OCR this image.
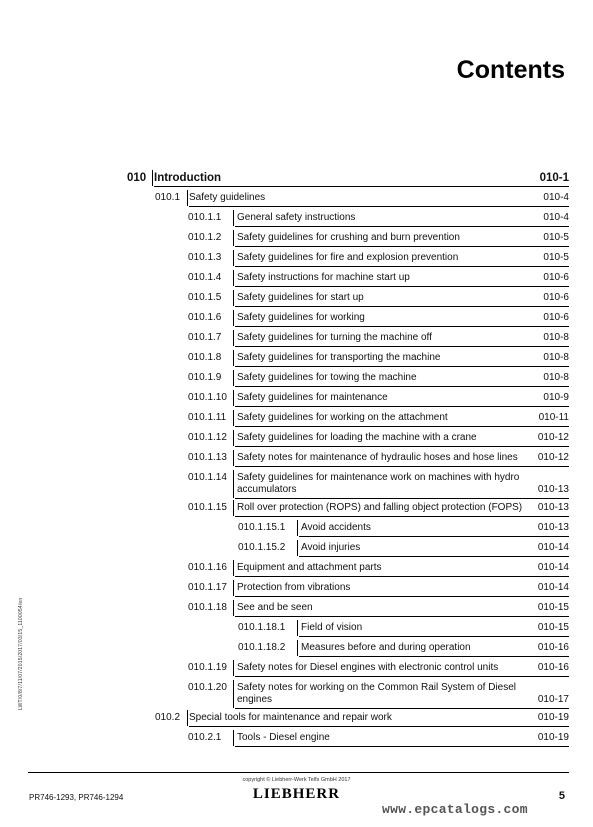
Contents
010 Introduction	010-1
010.1 Safety guidelines	010-4
010.1.1 General safety instructions	010-4
010.1.2 Safety guidelines for crushing and burn prevention	010-5
010.1.3 Safety guidelines for fire and explosion prevention	010-5
010.1.4 Safety instructions for machine start up	010-6
010.1.5 Safety guidelines for start up	010-6
010.1.6 Safety guidelines for working	010-6
010.1.7 Safety guidelines for turning the machine off	010-8
010.1.8 Safety guidelines for transporting the machine	010-8
010.1.9 Safety guidelines for towing the machine	010-8
010.1.10 Safety guidelines for maintenance	010-9
010.1.11 Safety guidelines for working on the attachment	010-11
010.1.12 Safety guidelines for loading the machine with a crane	010-12
010.1.13 Safety notes for maintenance of hydraulic hoses and hose lines 010-12
010.1.14 Safety guidelines for maintenance work on machines with hydro accumulators	010-13
010.1.15 Roll over protection (ROPS) and falling object protection (FOPS) 010-13
010.1.15.1 Avoid accidents	010-13
010.1.15.2 Avoid injuries	010-14
010.1.16 Equipment and attachment parts	010-14
010.1.17 Protection from vibrations	010-14
010.1.18 See and be seen	010-15
010.1.18.1 Field of vision	010-15
010.1.18.2 Measures before and during operation	010-16
010.1.19 Safety notes for Diesel engines with electronic control units	010-16
010.1.20 Safety notes for working on the Common Rail System of Diesel engines	010-17
010.2 Special tools for maintenance and repair work	010-19
010.2.1 Tools - Diesel engine	010-19
LWT/0/8/7/11/07/2015/2017/03/15_1100054/en
copyright © Liebherr-Werk Telfs GmbH 2017
LIEBHERR
PR746-1293, PR746-1294	5
www.epcatalogs.com
